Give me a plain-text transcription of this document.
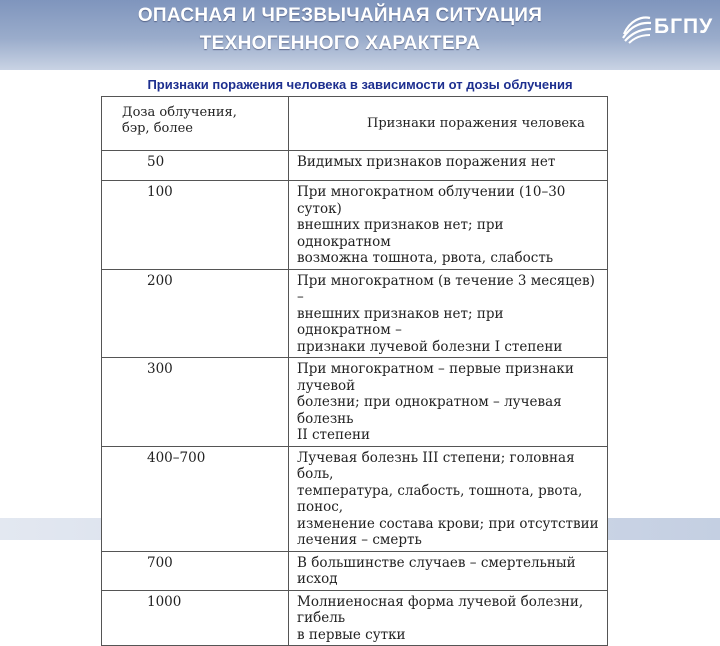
ОПАСНАЯ И ЧРЕЗВЫЧАЙНАЯ СИТУАЦИЯ
ТЕХНОГЕННОГО ХАРАКТЕРА
БГПУ
Признаки поражения человека в зависимости от дозы облучения
Доза облучения,
бэр, более	Признаки поражения человека
50	Видимых признаков поражения нет

100	При многократном облучении (10–30 суток)
внешних признаков нет; при однократном
возможна тошнота, рвота, слабость

200	При многократном (в течение 3 месяцев) –
внешних признаков нет; при однократном –
признаки лучевой болезни I степени

300	При многократном – первые признаки лучевой
болезни; при однократном – лучевая болезнь
II степени

400–700	Лучевая болезнь III степени; головная боль,
температура, слабость, тошнота, рвота, понос,
изменение состава крови; при отсутствии
лечения – смерть

700	В большинстве случаев – смертельный исход

1000	Молниеносная форма лучевой болезни, гибель
в первые сутки
